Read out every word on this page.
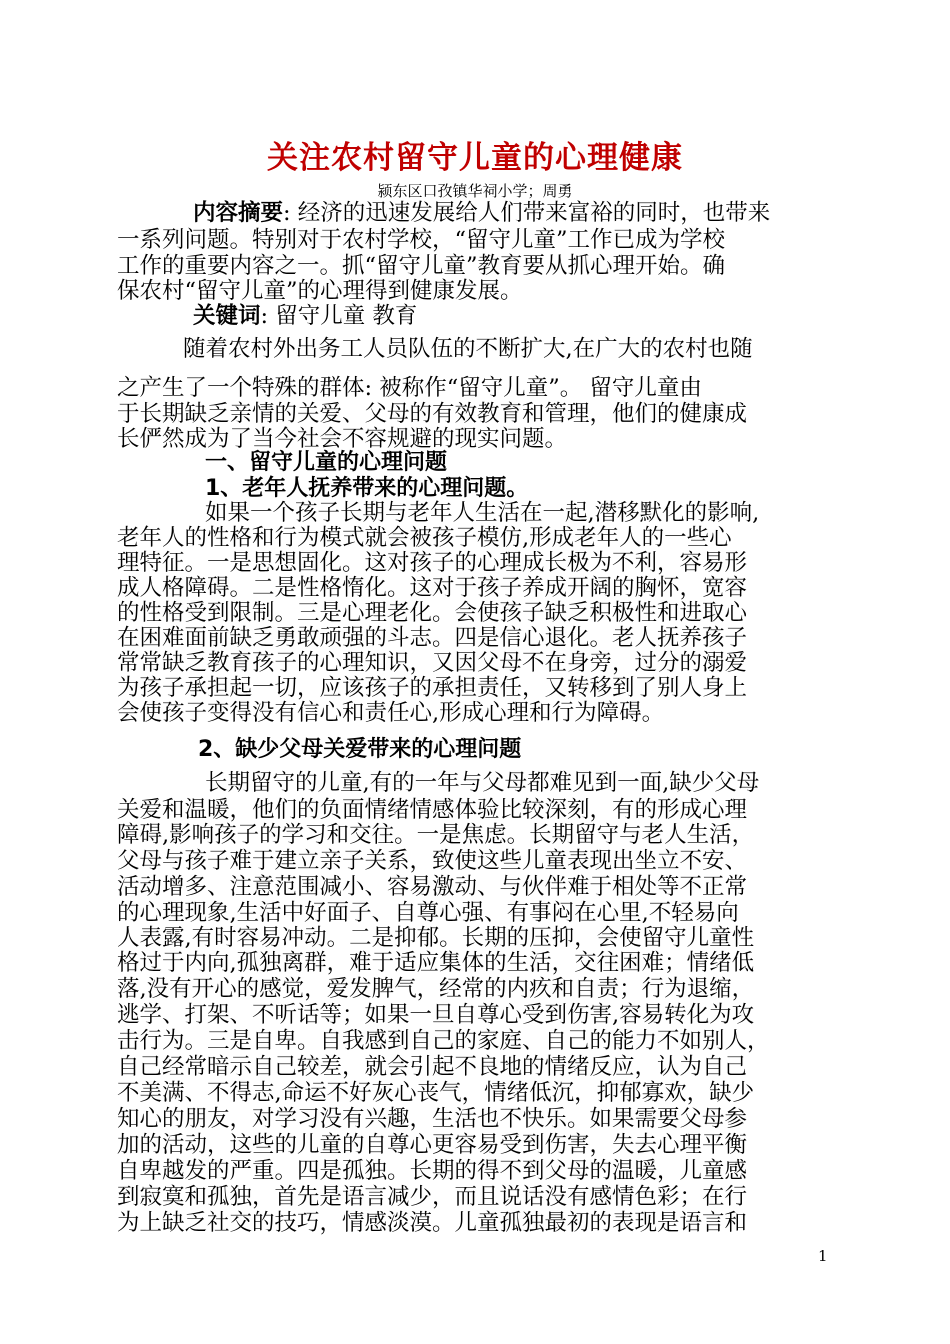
关注农村留守儿童的心理健康
颍东区口孜镇华祠小学；周勇
内容摘要: 经济的迅速发展给人们带来富裕的同时，也带来
一系列问题。特别对于农村学校，“留守儿童”工作已成为学校
工作的重要内容之一。抓“留守儿童”教育要从抓心理开始。确
保农村“留守儿童”的心理得到健康发展。
关键词: 留守儿童 教育
随着农村外出务工人员队伍的不断扩大,在广大的农村也随
之产生了一个特殊的群体: 被称作“留守儿童”。 留守儿童由
于长期缺乏亲情的关爱、父母的有效教育和管理，他们的健康成
长俨然成为了当今社会不容规避的现实问题。
一、留守儿童的心理问题
1、老年人抚养带来的心理问题。
如果一个孩子长期与老年人生活在一起,潜移默化的影响,
老年人的性格和行为模式就会被孩子模仿,形成老年人的一些心
理特征。一是思想固化。这对孩子的心理成长极为不利，容易形
成人格障碍。二是性格惰化。这对于孩子养成开阔的胸怀，宽容
的性格受到限制。三是心理老化。会使孩子缺乏积极性和进取心
在困难面前缺乏勇敢顽强的斗志。四是信心退化。老人抚养孩子
常常缺乏教育孩子的心理知识，又因父母不在身旁，过分的溺爱
为孩子承担起一切，应该孩子的承担责任，又转移到了别人身上
会使孩子变得没有信心和责任心,形成心理和行为障碍。
2、缺少父母关爱带来的心理问题
长期留守的儿童,有的一年与父母都难见到一面,缺少父母
关爱和温暖，他们的负面情绪情感体验比较深刻，有的形成心理
障碍,影响孩子的学习和交往。一是焦虑。长期留守与老人生活，
父母与孩子难于建立亲子关系，致使这些儿童表现出坐立不安、
活动增多、注意范围减小、容易激动、与伙伴难于相处等不正常
的心理现象,生活中好面子、自尊心强、有事闷在心里,不轻易向
人表露,有时容易冲动。二是抑郁。长期的压抑，会使留守儿童性
格过于内向,孤独离群，难于适应集体的生活，交往困难；情绪低
落,没有开心的感觉，爱发脾气，经常的内疚和自责；行为退缩，
逃学、打架、不听话等；如果一旦自尊心受到伤害,容易转化为攻
击行为。三是自卑。自我感到自己的家庭、自己的能力不如别人，
自己经常暗示自己较差，就会引起不良地的情绪反应，认为自己
不美满、不得志,命运不好灰心丧气，情绪低沉，抑郁寡欢，缺少
知心的朋友，对学习没有兴趣，生活也不快乐。如果需要父母参
加的活动，这些的儿童的自尊心更容易受到伤害，失去心理平衡
自卑越发的严重。四是孤独。长期的得不到父母的温暖，儿童感
到寂寞和孤独，首先是语言减少，而且说话没有感情色彩；在行
为上缺乏社交的技巧，情感淡漠。儿童孤独最初的表现是语言和
1
